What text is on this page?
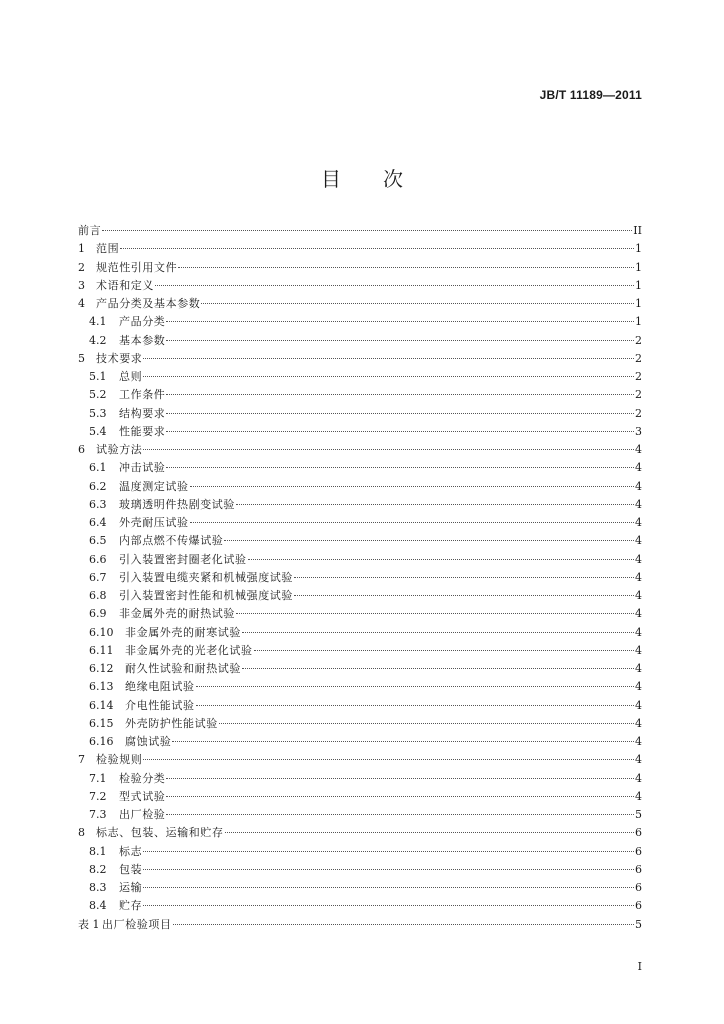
JB/T 11189—2011
目 次
前言	II
1	范围	1
2	规范性引用文件	1
3	术语和定义	1
4	产品分类及基本参数	1
4.1	产品分类	1
4.2	基本参数	2
5	技术要求	2
5.1	总则	2
5.2	工作条件	2
5.3	结构要求	2
5.4	性能要求	3
6	试验方法	4
6.1	冲击试验	4
6.2	温度测定试验	4
6.3	玻璃透明件热剧变试验	4
6.4	外壳耐压试验	4
6.5	内部点燃不传爆试验	4
6.6	引入装置密封圈老化试验	4
6.7	引入装置电缆夹紧和机械强度试验	4
6.8	引入装置密封性能和机械强度试验	4
6.9	非金属外壳的耐热试验	4
6.10	非金属外壳的耐寒试验	4
6.11	非金属外壳的光老化试验	4
6.12	耐久性试验和耐热试验	4
6.13	绝缘电阻试验	4
6.14	介电性能试验	4
6.15	外壳防护性能试验	4
6.16	腐蚀试验	4
7	检验规则	4
7.1	检验分类	4
7.2	型式试验	4
7.3	出厂检验	5
8	标志、包装、运输和贮存	6
8.1	标志	6
8.2	包装	6
8.3	运输	6
8.4	贮存	6
表 1 出厂检验项目	5
I
